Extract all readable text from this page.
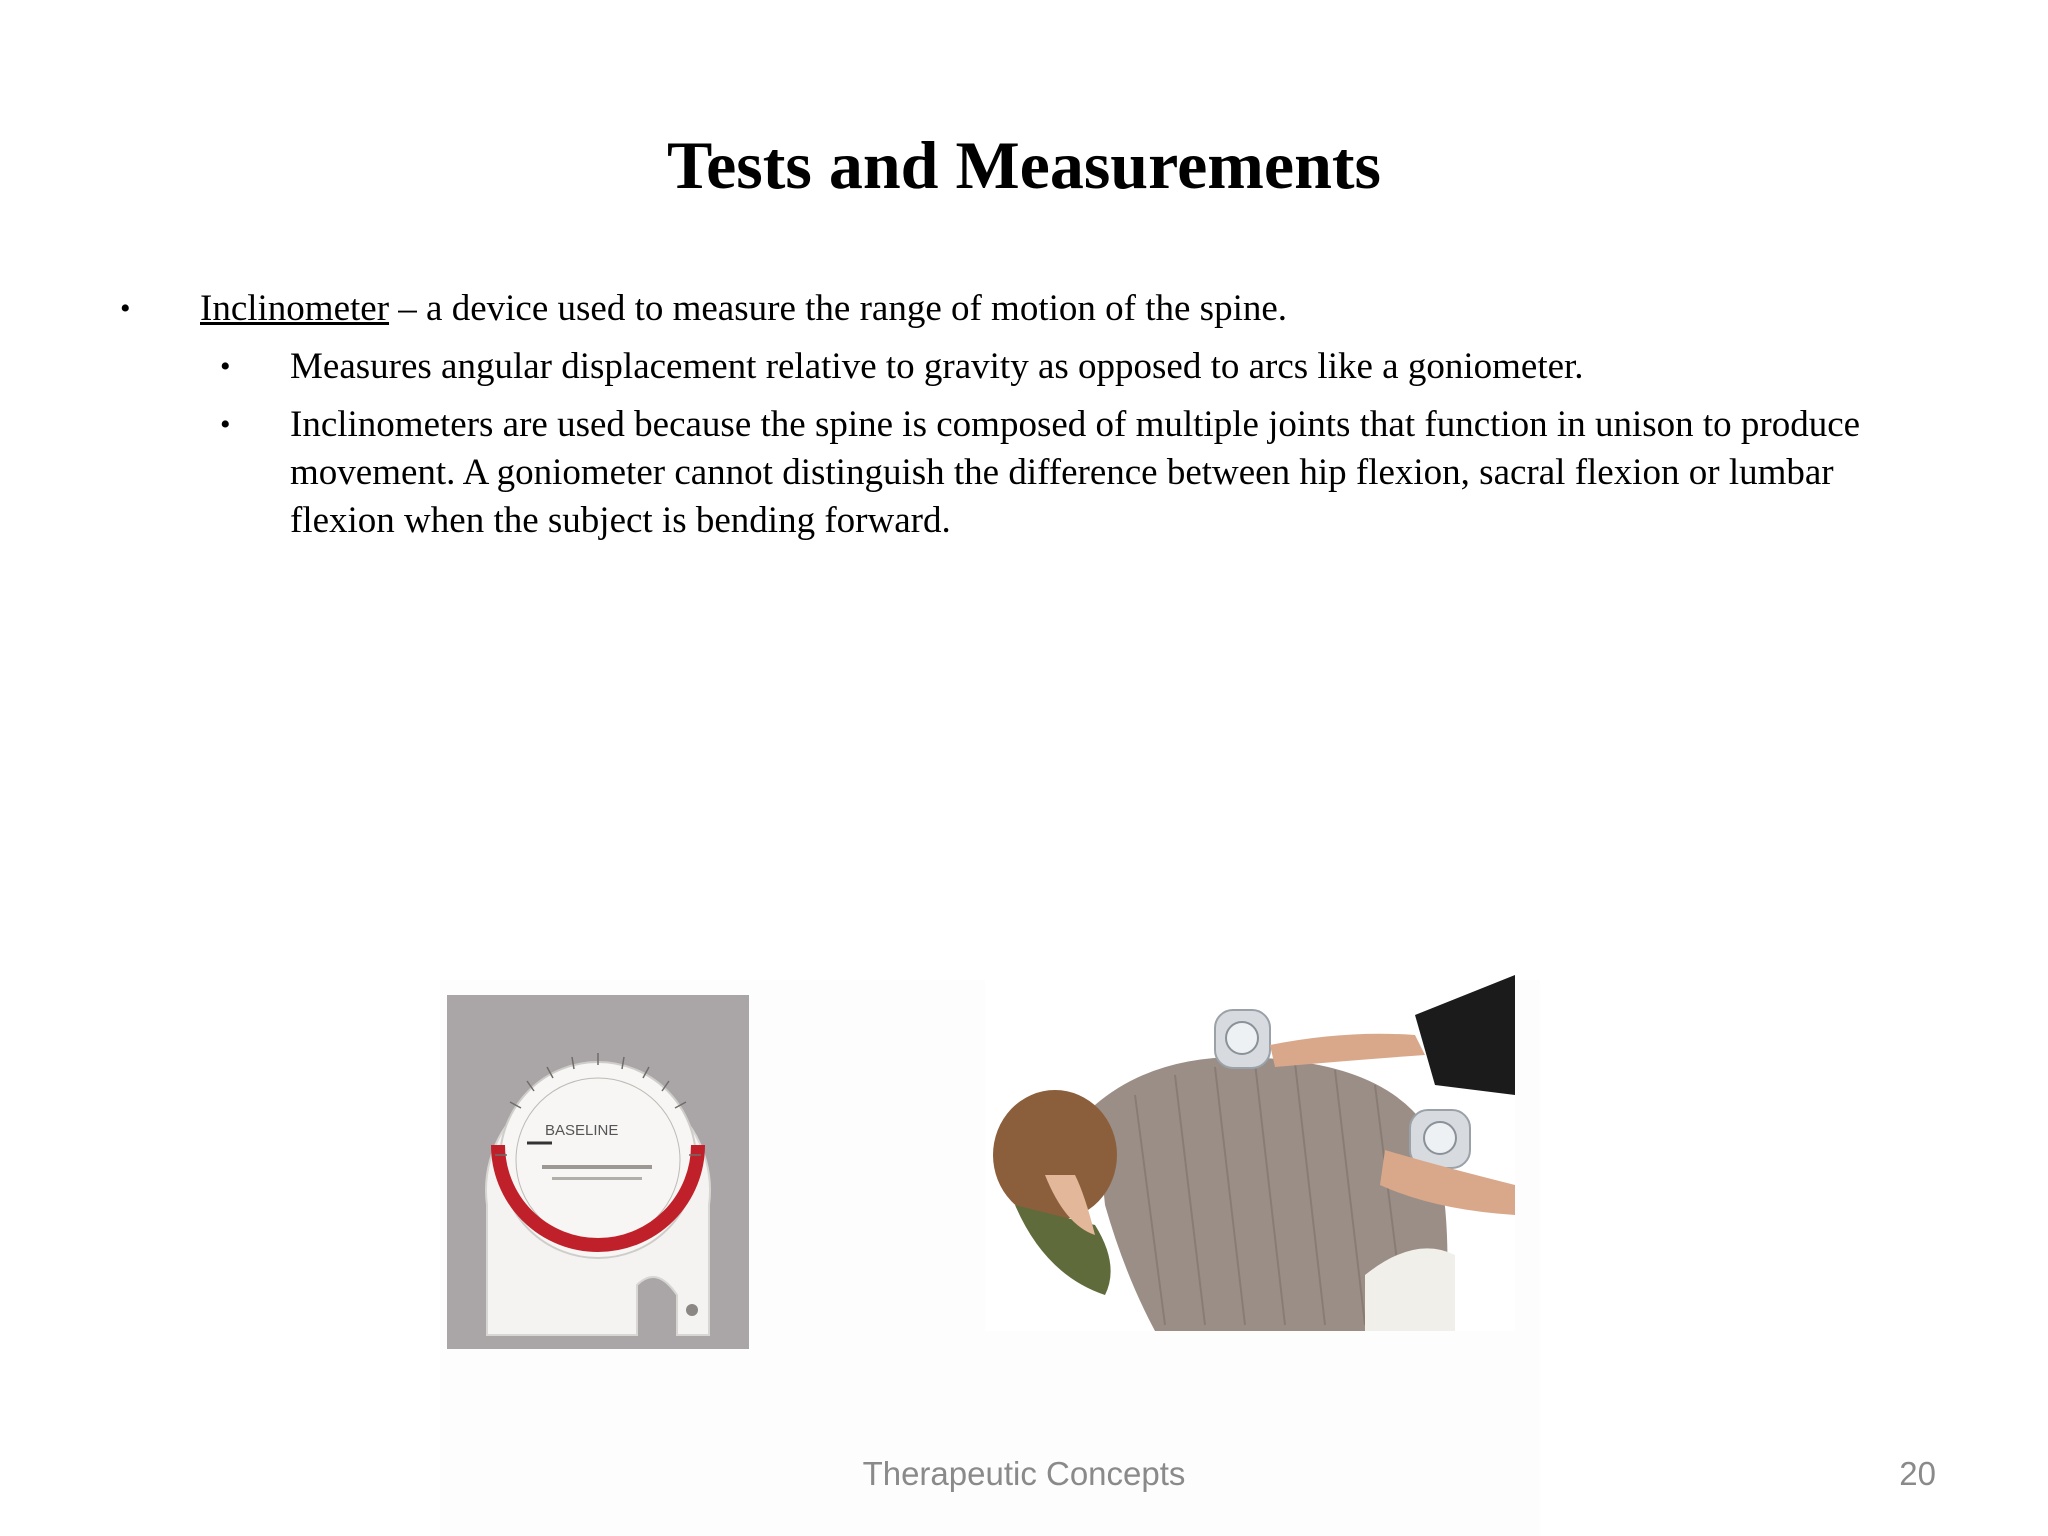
Tests and Measurements
• Inclinometer – a device used to measure the range of motion of the spine.
• Measures angular displacement relative to gravity as opposed to arcs like a goniometer.
• Inclinometers are used because the spine is composed of multiple joints that function in unison to produce movement. A goniometer cannot distinguish the difference between hip flexion, sacral flexion or lumbar flexion when the subject is bending forward.
BASELINE
Therapeutic Concepts	20
